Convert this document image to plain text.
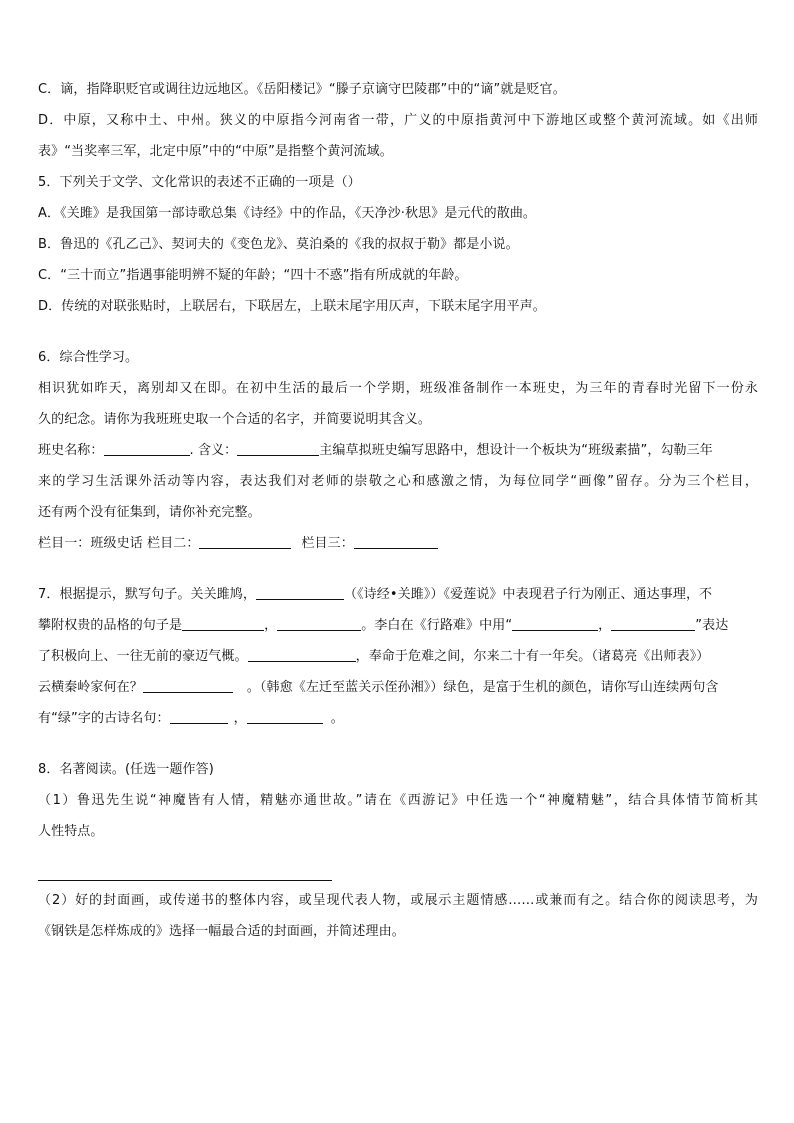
C．谪，指降职贬官或调往边远地区。《岳阳楼记》“滕子京谪守巴陵郡”中的“谪”就是贬官。
D．中原，又称中土、中州。狭义的中原指今河南省一带，广义的中原指黄河中下游地区或整个黄河流域。如《出师
表》“当奖率三军，北定中原”中的“中原”是指整个黄河流域。
5．下列关于文学、文化常识的表述不正确的一项是（）
A．《关雎》是我国第一部诗歌总集《诗经》中的作品，《天净沙·秋思》是元代的散曲。
B．鲁迅的《孔乙己》、契诃夫的《变色龙》、莫泊桑的《我的叔叔于勒》都是小说。
C．“三十而立”指遇事能明辨不疑的年龄；“四十不惑”指有所成就的年龄。
D．传统的对联张贴时，上联居右，下联居左，上联末尾字用仄声，下联末尾字用平声。
6．综合性学习。
相识犹如昨天，离别却又在即。在初中生活的最后一个学期，班级准备制作一本班史，为三年的青春时光留下一份永
久的纪念。请你为我班班史取一个合适的名字，并简要说明其含义。
班史名称：	. 含义：	主编草拟班史编写思路中，想设计一个板块为“班级素描”，勾勒三年
来的学习生活课外活动等内容，表达我们对老师的崇敬之心和感激之情，为每位同学“画像”留存。分为三个栏目，
还有两个没有征集到，请你补充完整。
栏目一：班级史话 栏目二：	栏目三：
7．根据提示，默写句子。关关雎鸠，	（《诗经•关雎》）《爱莲说》中表现君子行为刚正、通达事理，不
攀附权贵的品格的句子是	，	。李白在《行路难》中用“	，	”表达
了积极向上、一往无前的豪迈气概。	，奉命于危难之间，尔来二十有一年矣。（诸葛亮《出师表》）
云横秦岭家何在？	。（韩愈《左迁至蓝关示侄孙湘》）绿色，是富于生机的颜色，请你写山连续两句含
有“绿”字的古诗名句：	，	。
8．名著阅读。(任选一题作答)
（1）鲁迅先生说“神魔皆有人情，精魅亦通世故。”请在《西游记》中任选一个“神魔精魅”，结合具体情节简析其
人性特点。
（2）好的封面画，或传递书的整体内容，或呈现代表人物，或展示主题情感……或兼而有之。结合你的阅读思考，为
《钢铁是怎样炼成的》选择一幅最合适的封面画，并简述理由。
